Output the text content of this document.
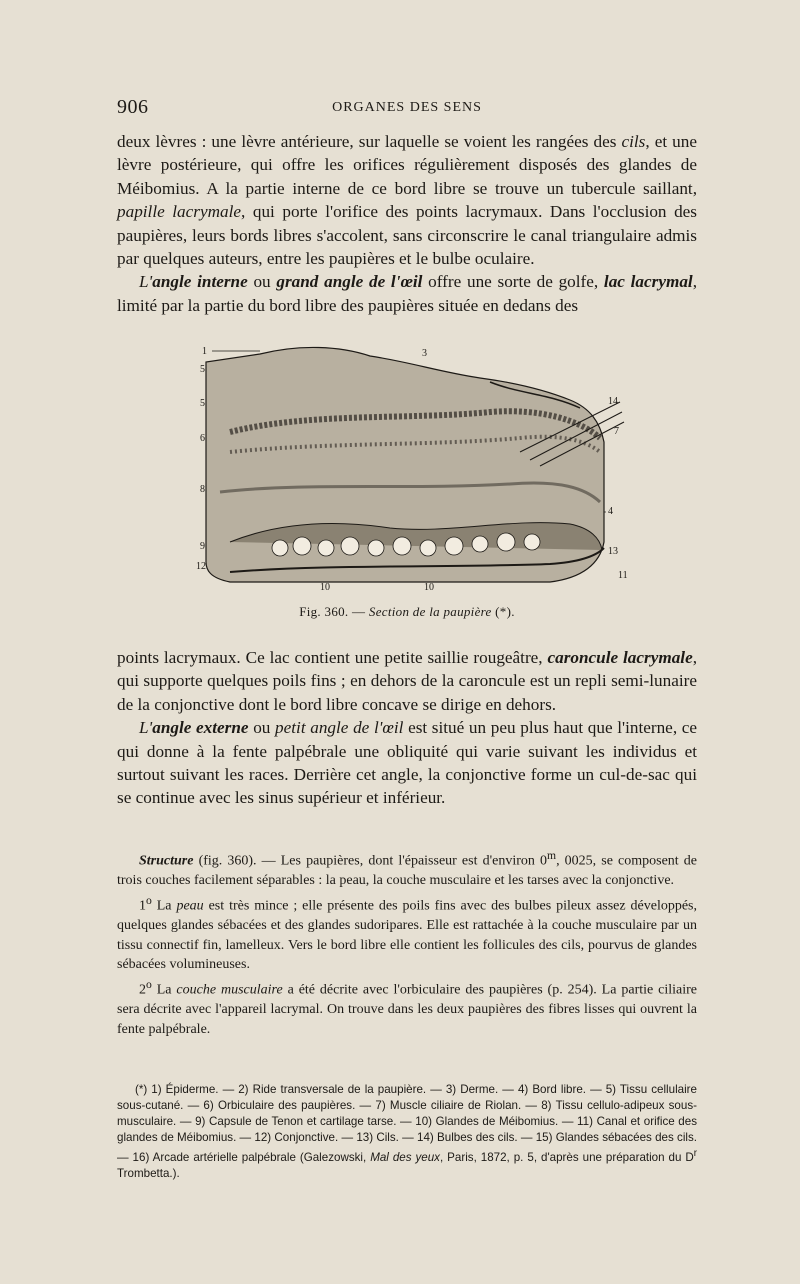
906	ORGANES DES SENS

deux lèvres : une lèvre antérieure, sur laquelle se voient les rangées des cils, et une lèvre postérieure, qui offre les orifices régulièrement disposés des glandes de Méibomius. A la partie interne de ce bord libre se trouve un tubercule saillant, papille lacrymale, qui porte l'orifice des points lacrymaux. Dans l'occlusion des paupières, leurs bords libres s'accolent, sans circonscrire le canal triangulaire admis par quelques auteurs, entre les paupières et le bulbe oculaire.

L'angle interne ou grand angle de l'œil offre une sorte de golfe, lac lacrymal, limité par la partie du bord libre des paupières située en dedans des

1
5
5
6
8
9
12
3
14
7
4
13
11
10	10
Fig. 360. — Section de la paupière (*).

points lacrymaux. Ce lac contient une petite saillie rougeâtre, caroncule lacrymale, qui supporte quelques poils fins ; en dehors de la caroncule est un repli semi-lunaire de la conjonctive dont le bord libre concave se dirige en dehors.

L'angle externe ou petit angle de l'œil est situé un peu plus haut que l'interne, ce qui donne à la fente palpébrale une obliquité qui varie suivant les individus et surtout suivant les races. Derrière cet angle, la conjonctive forme un cul-de-sac qui se continue avec les sinus supérieur et inférieur.

Structure (fig. 360). — Les paupières, dont l'épaisseur est d'environ 0$^m$, 0025, se composent de trois couches facilement séparables : la peau, la couche musculaire et les tarses avec la conjonctive.

1$^o$ La peau est très mince ; elle présente des poils fins avec des bulbes pileux assez développés, quelques glandes sébacées et des glandes sudoripares. Elle est rattachée à la couche musculaire par un tissu connectif fin, lamelleux. Vers le bord libre elle contient les follicules des cils, pourvus de glandes sébacées volumineuses.

2$^o$ La couche musculaire a été décrite avec l'orbiculaire des paupières (p. 254). La partie ciliaire sera décrite avec l'appareil lacrymal. On trouve dans les deux paupières des fibres lisses qui ouvrent la fente palpébrale.

(*) 1) Épiderme. — 2) Ride transversale de la paupière. — 3) Derme. — 4) Bord libre. — 5) Tissu cellulaire sous-cutané. — 6) Orbiculaire des paupières. — 7) Muscle ciliaire de Riolan. — 8) Tissu cellulo-adipeux sous-musculaire. — 9) Capsule de Tenon et cartilage tarse. — 10) Glandes de Méibomius. — 11) Canal et orifice des glandes de Méibomius. — 12) Conjonctive. — 13) Cils. — 14) Bulbes des cils. — 15) Glandes sébacées des cils. — 16) Arcade artérielle palpébrale (Galezowski, Mal des yeux, Paris, 1872, p. 5, d'après une préparation du $D^r$ Trombetta.).
